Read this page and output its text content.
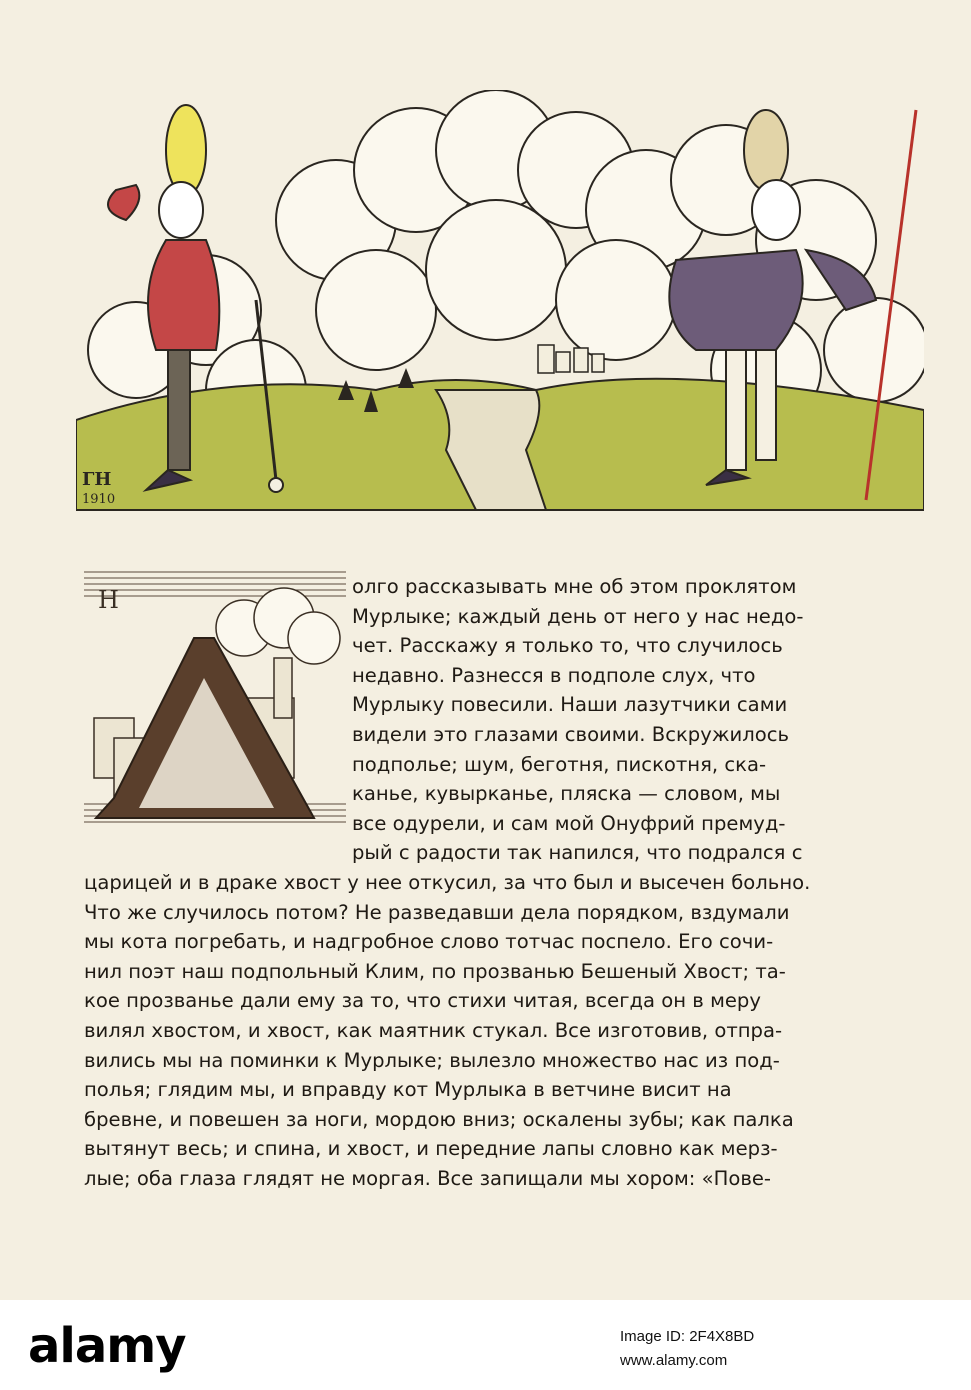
ГН
1910
Н	олго рассказывать мне об этом проклятом
Мурлыке; каждый день от него у нас недо-
чет. Расскажу я только то, что случилось
недавно. Разнесся в подполе слух, что
Мурлыку повесили. Наши лазутчики сами
видели это глазами своими. Вскружилось
подполье; шум, беготня, пискотня, ска-
канье, кувырканье, пляска — словом, мы
все одурели, и сам мой Онуфрий премуд-
рый с радости так напился, что подрался с
царицей и в драке хвост у нее откусил, за что был и высечен больно.
Что же случилось потом? Не разведавши дела порядком, вздумали
мы кота погребать, и надгробное слово тотчас поспело. Его сочи-
нил поэт наш подпольный Клим, по прозванью Бешеный Хвост; та-
кое прозванье дали ему за то, что стихи читая, всегда он в меру
вилял хвостом, и хвост, как маятник стукал. Все изготовив, отпра-
вились мы на поминки к Мурлыке; вылезло множество нас из под-
полья; глядим мы, и вправду кот Мурлыка в ветчине висит на
бревне, и повешен за ноги, мордою вниз; оскалены зубы; как палка
вытянут весь; и спина, и хвост, и передние лапы словно как мерз-
лые; оба глаза глядят не моргая. Все запищали мы хором: «Пове-
alamy	Image ID: 2F4X8BD
www.alamy.com
